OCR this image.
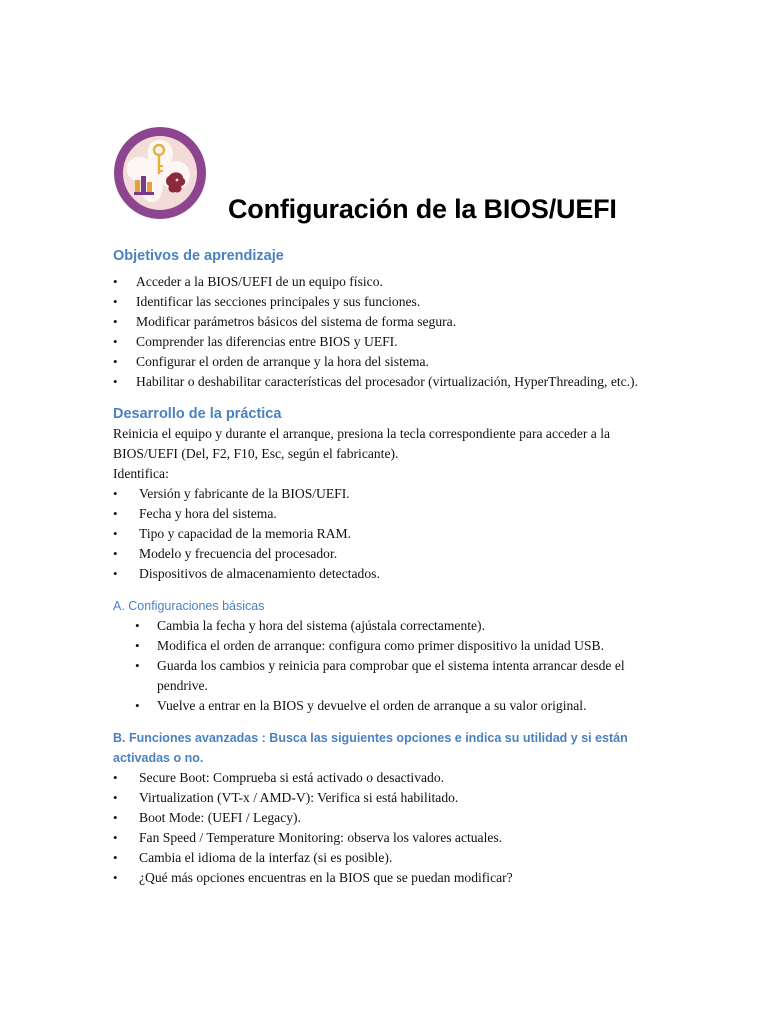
Configuración de la BIOS/UEFI
Objetivos de aprendizaje
• Acceder a la BIOS/UEFI de un equipo físico.
• Identificar las secciones principales y sus funciones.
• Modificar parámetros básicos del sistema de forma segura.
• Comprender las diferencias entre BIOS y UEFI.
• Configurar el orden de arranque y la hora del sistema.
• Habilitar o deshabilitar características del procesador (virtualización, HyperThreading, etc.).
Desarrollo de la práctica

Reinicia el equipo y durante el arranque, presiona la tecla correspondiente para acceder a la BIOS/UEFI (Del, F2, F10, Esc, según el fabricante).

Identifica:

• Versión y fabricante de la BIOS/UEFI.
• Fecha y hora del sistema.
• Tipo y capacidad de la memoria RAM.
• Modelo y frecuencia del procesador.
• Dispositivos de almacenamiento detectados.
A. Configuraciones básicas
• Cambia la fecha y hora del sistema (ajústala correctamente).
• Modifica el orden de arranque: configura como primer dispositivo la unidad USB.
• Guarda los cambios y reinicia para comprobar que el sistema intenta arrancar desde el pendrive.
• Vuelve a entrar en la BIOS y devuelve el orden de arranque a su valor original.
B. Funciones avanzadas : Busca las siguientes opciones e indica su utilidad y si están activadas o no.
• Secure Boot: Comprueba si está activado o desactivado.
• Virtualization (VT-x / AMD-V): Verifica si está habilitado.
• Boot Mode: (UEFI / Legacy).
• Fan Speed / Temperature Monitoring: observa los valores actuales.
• Cambia el idioma de la interfaz (si es posible).
• ¿Qué más opciones encuentras en la BIOS que se puedan modificar?
